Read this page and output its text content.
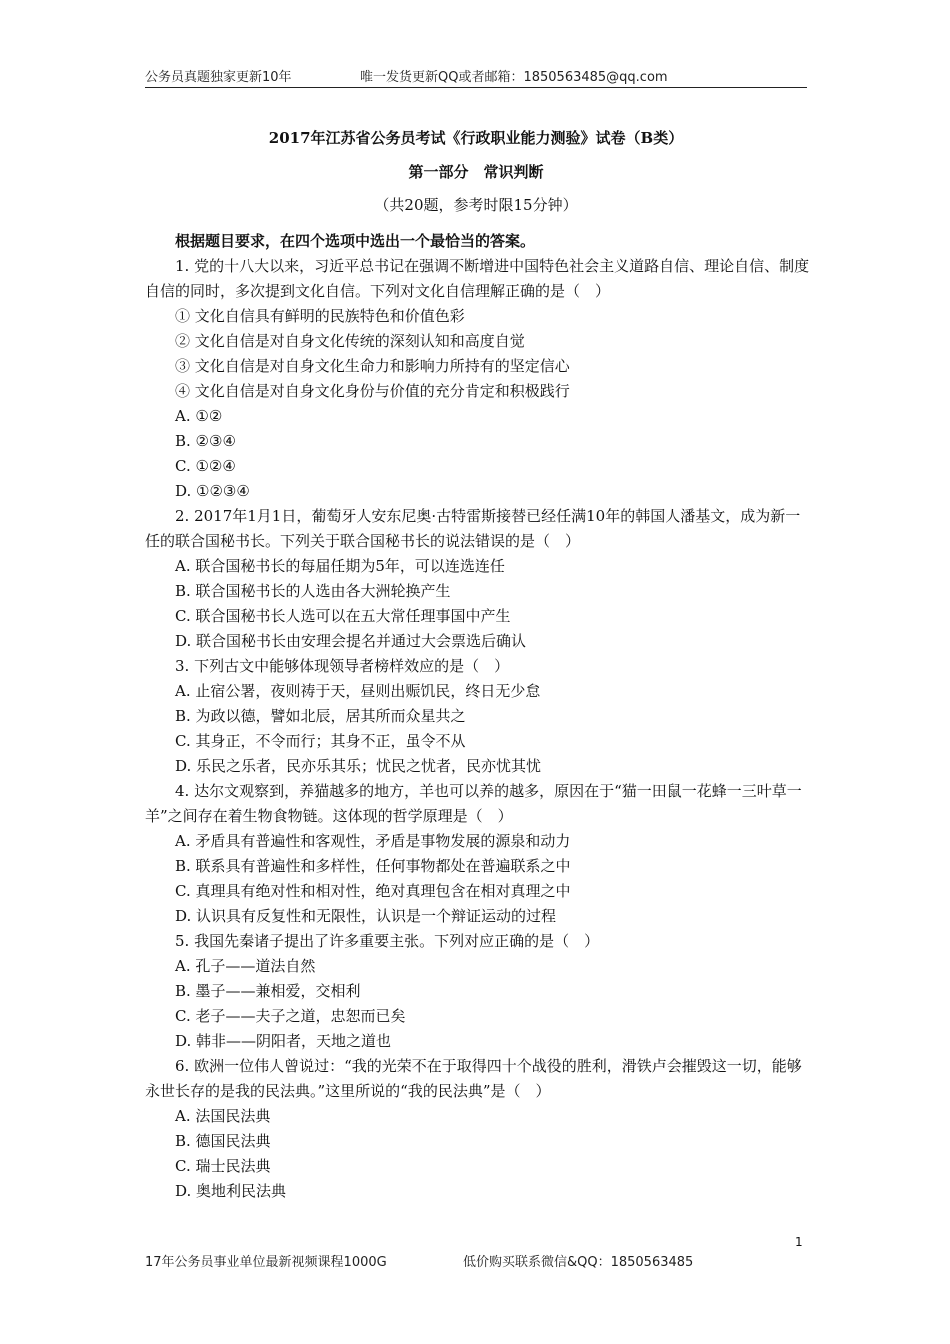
公务员真题独家更新10年	唯一发货更新QQ或者邮箱：1850563485@qq.com
2017年江苏省公务员考试《行政职业能力测验》试卷（B类）
第一部分　常识判断
（共20题，参考时限15分钟）

根据题目要求，在四个选项中选出一个最恰当的答案。

1. 党的十八大以来，习近平总书记在强调不断增进中国特色社会主义道路自信、理论自信、制度自信的同时，多次提到文化自信。下列对文化自信理解正确的是（　）

① 文化自信具有鲜明的民族特色和价值色彩

② 文化自信是对自身文化传统的深刻认知和高度自觉

③ 文化自信是对自身文化生命力和影响力所持有的坚定信心

④ 文化自信是对自身文化身份与价值的充分肯定和积极践行

A. ①②

B. ②③④

C. ①②④

D. ①②③④

2. 2017年1月1日，葡萄牙人安东尼奥·古特雷斯接替已经任满10年的韩国人潘基文，成为新一任的联合国秘书长。下列关于联合国秘书长的说法错误的是（　）

A. 联合国秘书长的每届任期为5年，可以连选连任

B. 联合国秘书长的人选由各大洲轮换产生

C. 联合国秘书长人选可以在五大常任理事国中产生

D. 联合国秘书长由安理会提名并通过大会票选后确认

3. 下列古文中能够体现领导者榜样效应的是（　）

A. 止宿公署，夜则祷于天，昼则出赈饥民，终日无少怠

B. 为政以德，譬如北辰，居其所而众星共之

C. 其身正，不令而行；其身不正，虽令不从

D. 乐民之乐者，民亦乐其乐；忧民之忧者，民亦忧其忧

4. 达尔文观察到，养猫越多的地方，羊也可以养的越多，原因在于“猫一田鼠一花蜂一三叶草一羊”之间存在着生物食物链。这体现的哲学原理是（　）

A. 矛盾具有普遍性和客观性，矛盾是事物发展的源泉和动力

B. 联系具有普遍性和多样性，任何事物都处在普遍联系之中

C. 真理具有绝对性和相对性，绝对真理包含在相对真理之中

D. 认识具有反复性和无限性，认识是一个辩证运动的过程

5. 我国先秦诸子提出了许多重要主张。下列对应正确的是（　）

A. 孔子——道法自然

B. 墨子——兼相爱，交相利

C. 老子——夫子之道，忠恕而已矣

D. 韩非——阴阳者，天地之道也

6. 欧洲一位伟人曾说过：“我的光荣不在于取得四十个战役的胜利，滑铁卢会摧毁这一切，能够永世长存的是我的民法典。”这里所说的“我的民法典”是（　）

A. 法国民法典

B. 德国民法典

C. 瑞士民法典

D. 奥地利民法典

1
17年公务员事业单位最新视频课程1000G	低价购买联系微信&QQ：1850563485
